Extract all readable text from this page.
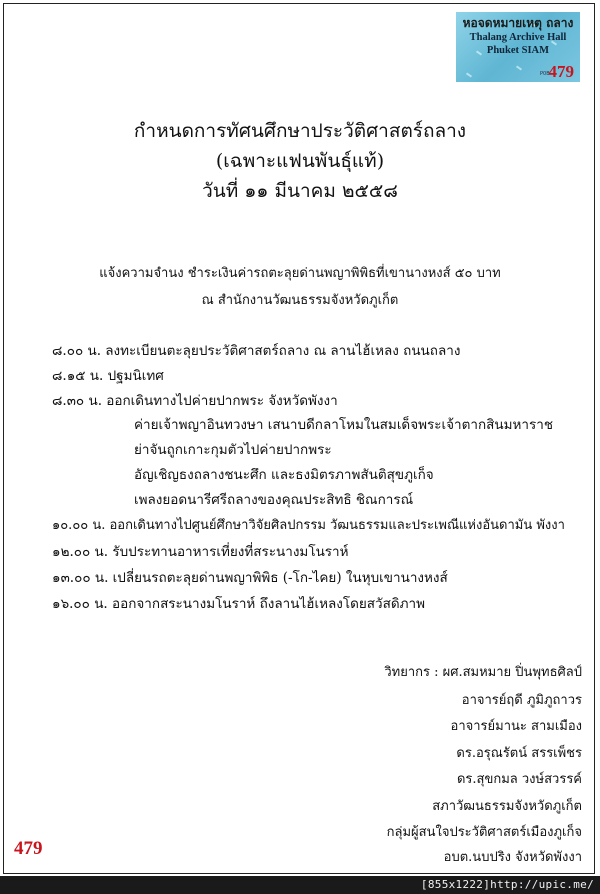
หอจดหมายเหตุ ถลาง
Thalang Archive Hall
Phuket SIAM
P0B
479
กำหนดการทัศนศึกษาประวัติศาสตร์ถลาง
(เฉพาะแฟนพันธุ์แท้)
วันที่ ๑๑ มีนาคม ๒๕๕๘
แจ้งความจำนง ชำระเงินค่ารถตะลุยด่านพญาพิพิธที่เขานางหงส์ ๕๐ บาท
ณ สำนักงานวัฒนธรรมจังหวัดภูเก็ต
๘.๐๐ น. ลงทะเบียนตะลุยประวัติศาสตร์ถลาง ณ ลานไฮ้เหลง ถนนถลาง
๘.๑๕ น. ปฐมนิเทศ
๘.๓๐ น. ออกเดินทางไปค่ายปากพระ จังหวัดพังงา
ค่ายเจ้าพญาอินทวงษา เสนาบดีกลาโหมในสมเด็จพระเจ้าตากสินมหาราช
ย่าจันถูกเกาะกุมตัวไปค่ายปากพระ
อัญเชิญธงถลางชนะศึก และธงมิตรภาพสันติสุขภูเก็จ
เพลงยอดนารีศรีถลางของคุณประสิทธิ ชิณการณ์
๑๐.๐๐ น. ออกเดินทางไปศูนย์ศึกษาวิจัยศิลปกรรม วัฒนธรรมและประเพณีแห่งอันดามัน พังงา
๑๒.๐๐ น. รับประทานอาหารเที่ยงที่สระนางมโนราห์
๑๓.๐๐ น. เปลี่ยนรถตะลุยด่านพญาพิพิธ (-โก-ไคย) ในหุบเขานางหงส์
๑๖.๐๐ น. ออกจากสระนางมโนราห์ ถึงลานไฮ้เหลงโดยสวัสดิภาพ
วิทยากร : ผศ.สมหมาย ปิ่นพุทธศิลป์
อาจารย์ฤดี ภูมิภูถาวร
อาจารย์มานะ สามเมือง
ดร.อรุณรัตน์ สรรเพ็ชร
ดร.สุขกมล วงษ์สวรรค์
สภาวัฒนธรรมจังหวัดภูเก็ต
กลุ่มผู้สนใจประวัติศาสตร์เมืองภูเก็จ
อบต.นบปริง จังหวัดพังงา
479
[855x1222]http://upic.me/
